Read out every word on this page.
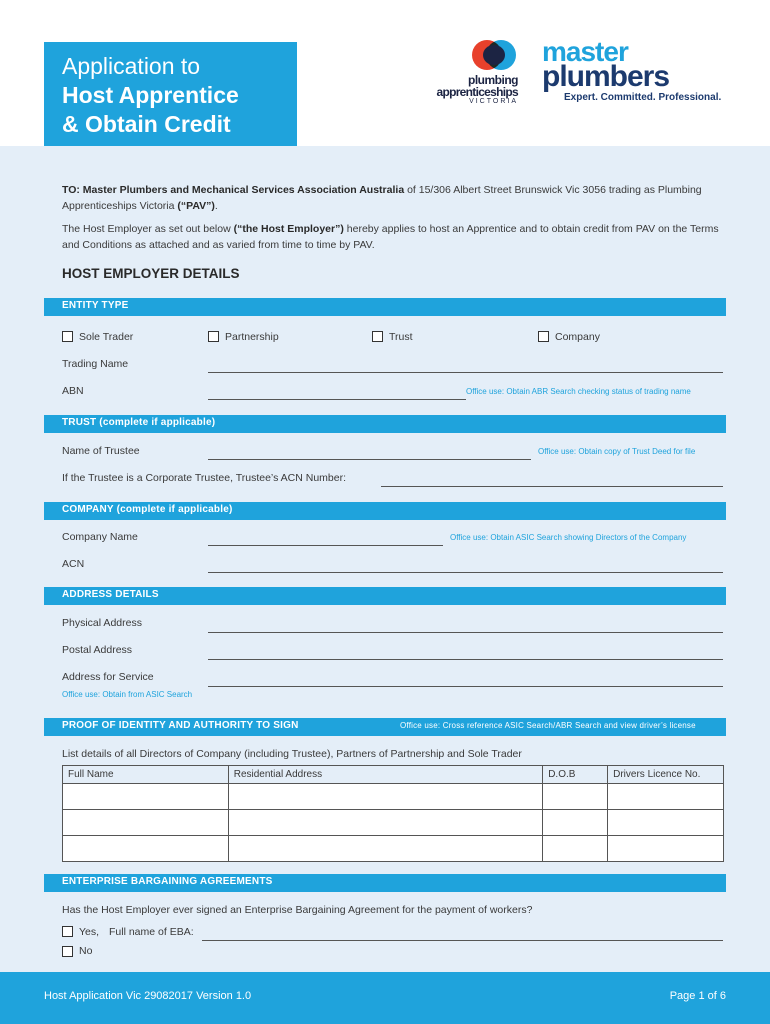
Application to
Host Apprentice
& Obtain Credit
plumbing
apprenticeships
VICTORIA
master
plumbers
Expert. Committed. Professional.
TO: Master Plumbers and Mechanical Services Association Australia of 15/306 Albert Street Brunswick Vic 3056 trading as Plumbing Apprenticeships Victoria (“PAV”).
The Host Employer as set out below (“the Host Employer”) hereby applies to host an Apprentice and to obtain credit from PAV on the Terms and Conditions as attached and as varied from time to time by PAV.
HOST EMPLOYER DETAILS
ENTITY TYPE
Sole Trader	Partnership	Trust	Company
Trading Name
ABN	Office use: Obtain ABR Search checking status of trading name
TRUST (complete if applicable)
Name of Trustee	Office use: Obtain copy of Trust Deed for file
If the Trustee is a Corporate Trustee, Trustee’s ACN Number:
COMPANY (complete if applicable)
Company Name	Office use: Obtain ASIC Search showing Directors of the Company
ACN
ADDRESS DETAILS
Physical Address
Postal Address
Address for Service
Office use: Obtain from ASIC Search
PROOF OF IDENTITY AND AUTHORITY TO SIGN	Office use: Cross reference ASIC Search/ABR Search and view driver’s license
List details of all Directors of Company (including Trustee), Partners of Partnership and Sole Trader
Full Name	Residential Address	D.O.B	Drivers Licence No.

ENTERPRISE BARGAINING AGREEMENTS
Has the Host Employer ever signed an Enterprise Bargaining Agreement for the payment of workers?
Yes, Full name of EBA:
No
Host Application Vic 29082017 Version 1.0	Page 1 of 6
